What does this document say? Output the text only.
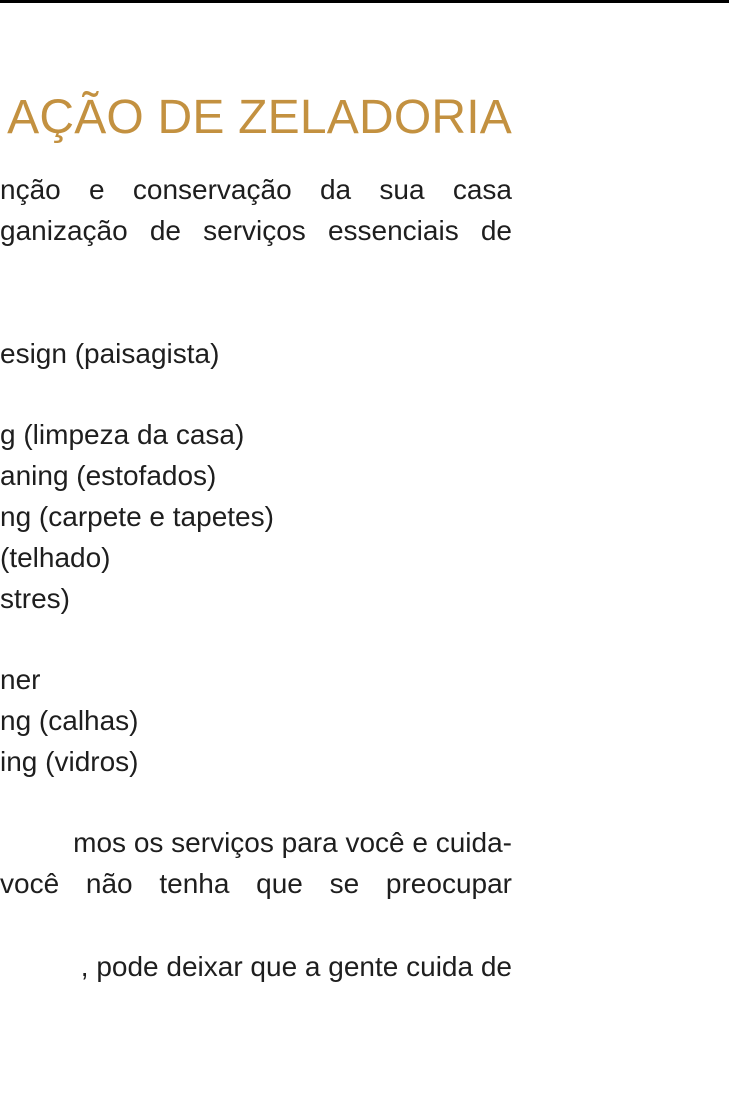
AÇÃO DE ZELADORIA
nção e conservação da sua casa
ganização de serviços essenciais de
esign (paisagista)
g (limpeza da casa)
aning (estofados)
ng (carpete e tapetes)
(telhado)
stres)
ner
ng (calhas)
ing (vidros)
mos os serviços para você e cuida-
você não tenha que se preocupar
, pode deixar que a gente cuida de
